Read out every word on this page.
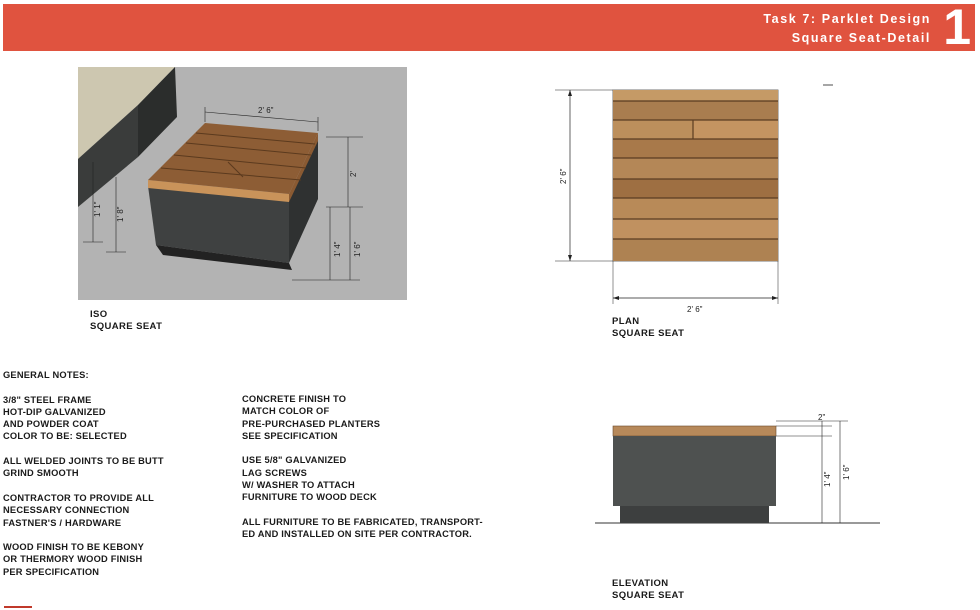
Task 7: Parklet Design
Square Seat-Detail 1
1' 1" 1' 8"
2' 6"
2'
1' 4" 1' 6"
ISO
SQUARE SEAT
2' 6"
2' 6"
PLAN
SQUARE SEAT
2"
1' 4" 1' 6"
ELEVATION
SQUARE SEAT

GENERAL NOTES:

3/8" STEEL FRAME
HOT-DIP GALVANIZED
AND POWDER COAT
COLOR TO BE: SELECTED

ALL WELDED JOINTS TO BE BUTT
GRIND SMOOTH

CONTRACTOR TO PROVIDE ALL
NECESSARY CONNECTION
FASTNER'S / HARDWARE

WOOD FINISH TO BE KEBONY
OR THERMORY WOOD FINISH
PER SPECIFICATION

CONCRETE FINISH TO
MATCH COLOR OF
PRE-PURCHASED PLANTERS
SEE SPECIFICATION

USE 5/8" GALVANIZED
LAG SCREWS
W/ WASHER TO ATTACH
FURNITURE TO WOOD DECK

ALL FURNITURE TO BE FABRICATED, TRANSPORT-
ED AND INSTALLED ON SITE PER CONTRACTOR.
